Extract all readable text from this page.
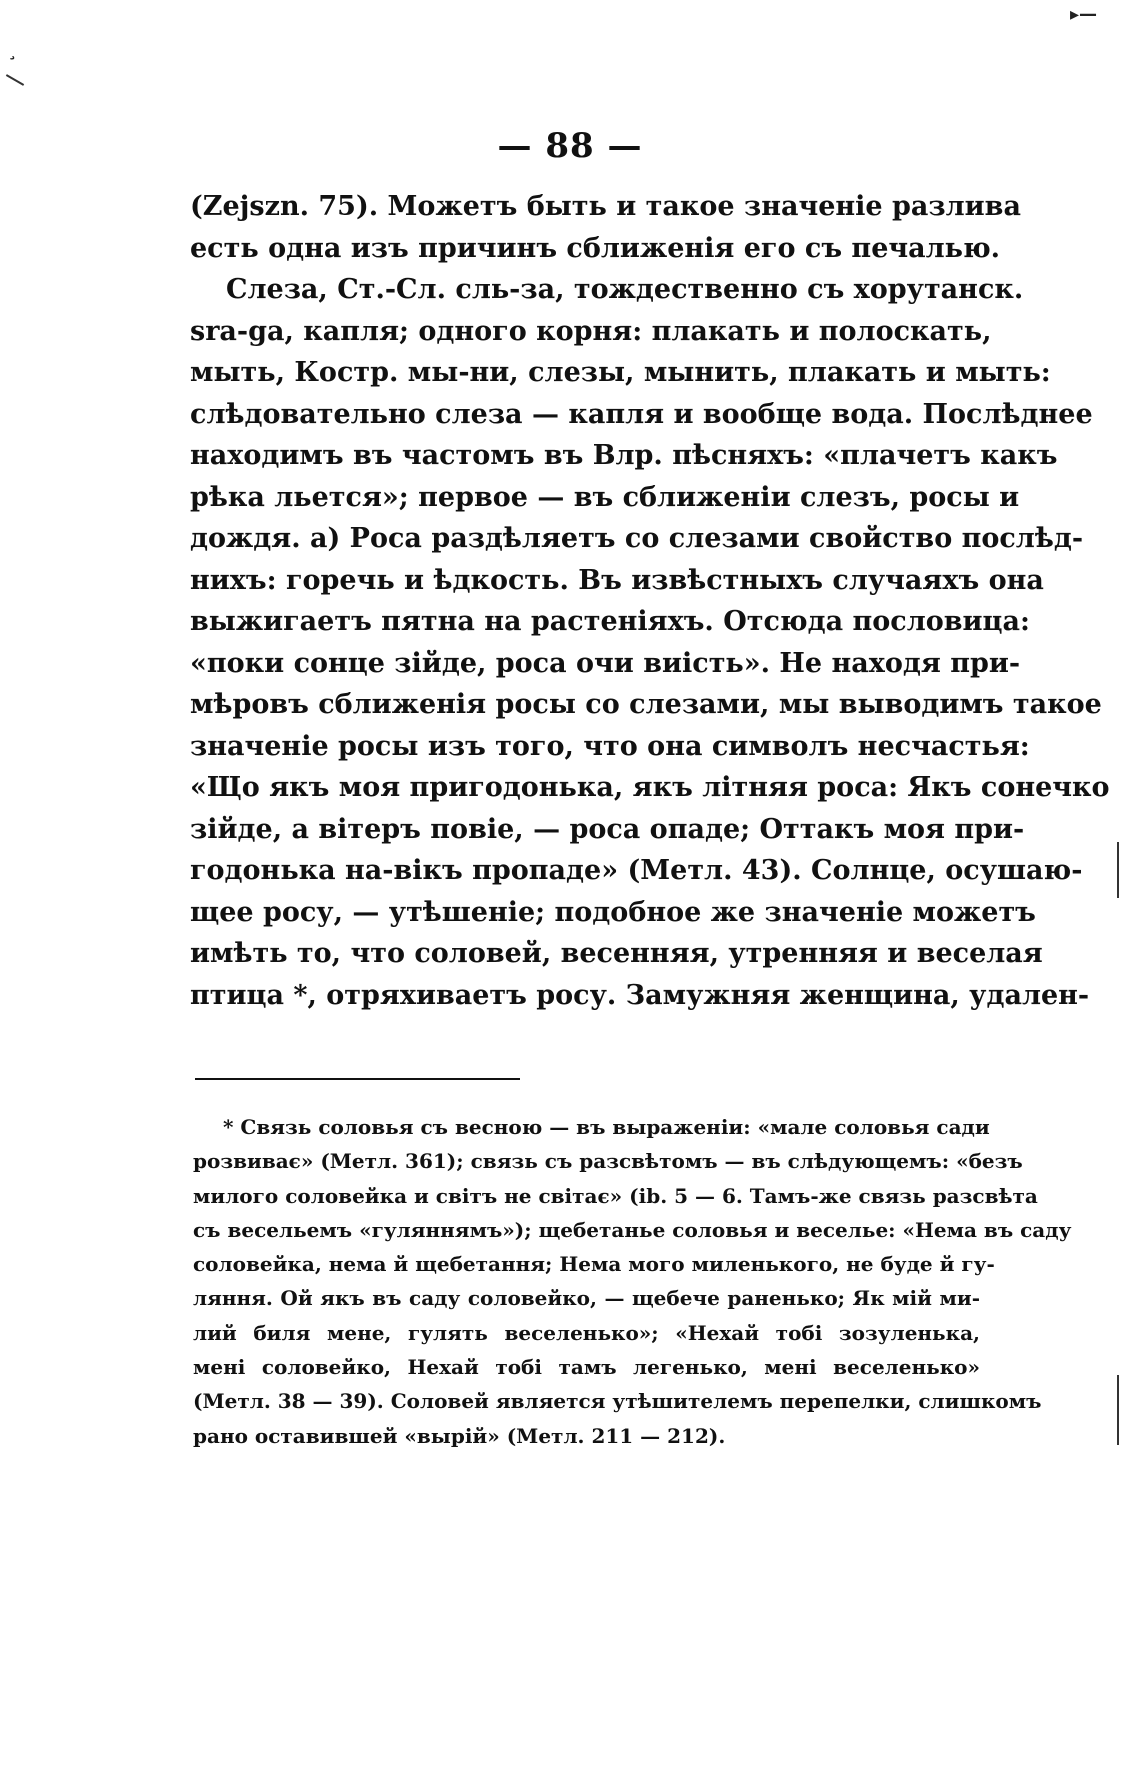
¸
▸—
— 88 —
(Zejszn. 75). Можетъ быть и такое значеніе разлива
есть одна изъ причинъ сближенія его съ печалью.
Слеза, Ст.-Сл. сль-за, тождественно съ хорутанск.
sra-ga, капля; одного корня: плакать и полоскать,
мыть, Костр. мы-ни, слезы, мынить, плакать и мыть:
слѣдовательно слеза — капля и вообще вода. Послѣднее
находимъ въ частомъ въ Влр. пѣсняхъ: «плачетъ какъ
рѣка льется»; первое — въ сближеніи слезъ, росы и
дождя. а) Роса раздѣляетъ со слезами свойство послѣд-
нихъ: горечь и ѣдкость. Въ извѣстныхъ случаяхъ она
выжигаетъ пятна на растеніяхъ. Отсюда пословица:
«поки сонце зійде, роса очи виість». Не находя при-
мѣровъ сближенія росы со слезами, мы выводимъ такое
значеніе росы изъ того, что она символъ несчастья:
«Що якъ моя пригодонька, якъ літняя роса: Якъ сонечко
зійде, а вітеръ повіе, — роса опаде; Оттакъ моя при-
годонька на-вікъ пропаде» (Метл. 43). Солнце, осушаю-
щее росу, — утѣшеніе; подобное же значеніе можетъ
имѣть то, что соловей, весенняя, утренняя и веселая
птица *, отряхиваетъ росу. Замужняя женщина, удален-
* Связь соловья съ весною — въ выраженіи: «мале соловья сади
розвиває» (Метл. 361); связь съ разсвѣтомъ — въ слѣдующемъ: «безъ
милого соловейка и світъ не світає» (ib. 5 — 6. Тамъ-же связь разсвѣта
съ весельемъ «гуляннямъ»); щебетанье соловья и веселье: «Нема въ саду
соловейка, нема й щебетання; Нема мого миленького, не буде й гу-
ляння. Ой якъ въ саду соловейко, — щебече раненько; Як мій ми-
лий биля мене, гулять веселенько»; «Нехай тобі зозуленька,
мені соловейко, Нехай тобі тамъ легенько, мені веселенько»
(Метл. 38 — 39). Соловей является утѣшителемъ перепелки, слишкомъ
рано оставившей «вырій» (Метл. 211 — 212).
